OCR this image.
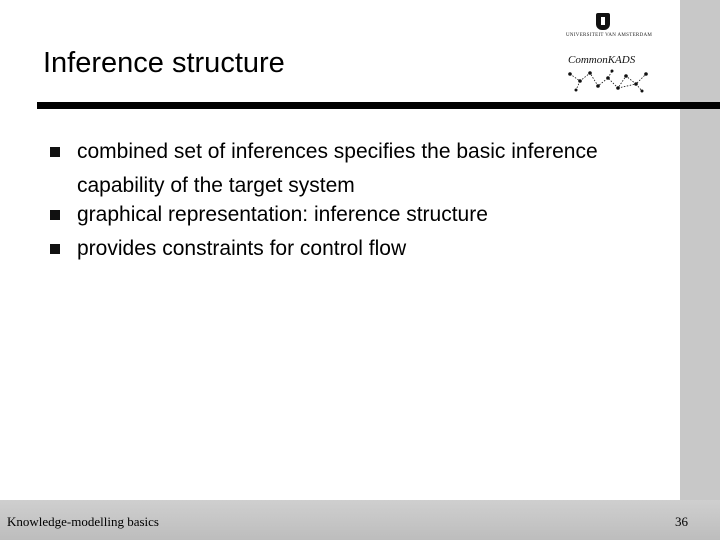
Inference structure
UNIVERSITEIT VAN AMSTERDAM
CommonKADS
combined set of inferences specifies the basic inference capability of the target system
graphical representation: inference structure
provides constraints for control flow
Knowledge-modelling basics	36
